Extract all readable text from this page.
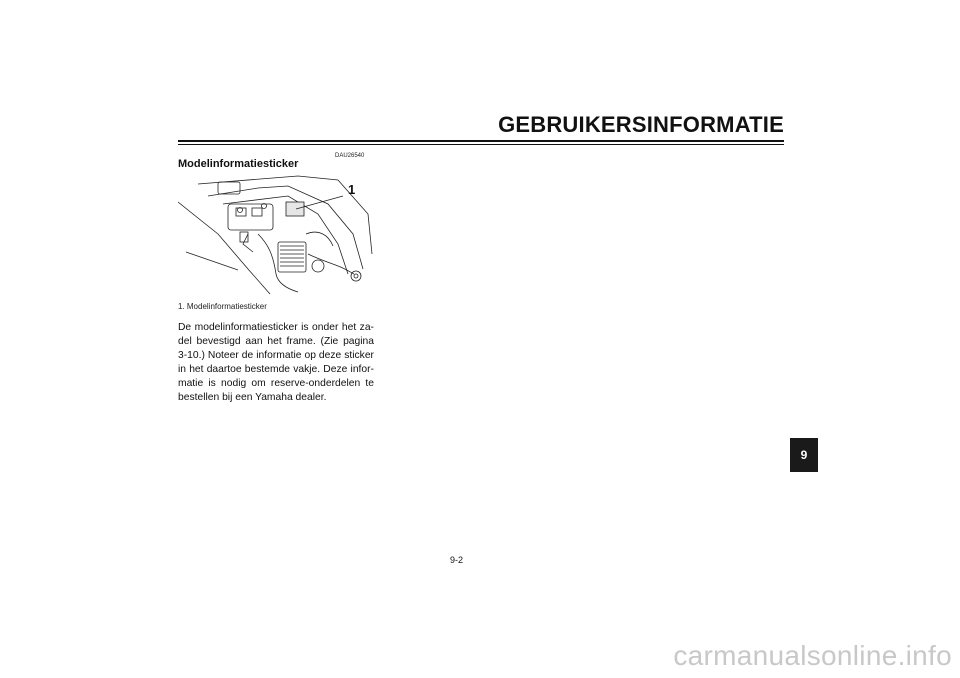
GEBRUIKERSINFORMATIE
DAU26540
Modelinformatiesticker
1
1. Modelinformatiesticker
De modelinformatiesticker is onder het za-del bevestigd aan het frame. (Zie pagina 3-10.) Noteer de informatie op deze sticker in het daartoe bestemde vakje. Deze infor-matie is nodig om reserve-onderdelen te bestellen bij een Yamaha dealer.
9
9-2
carmanualsonline.info
